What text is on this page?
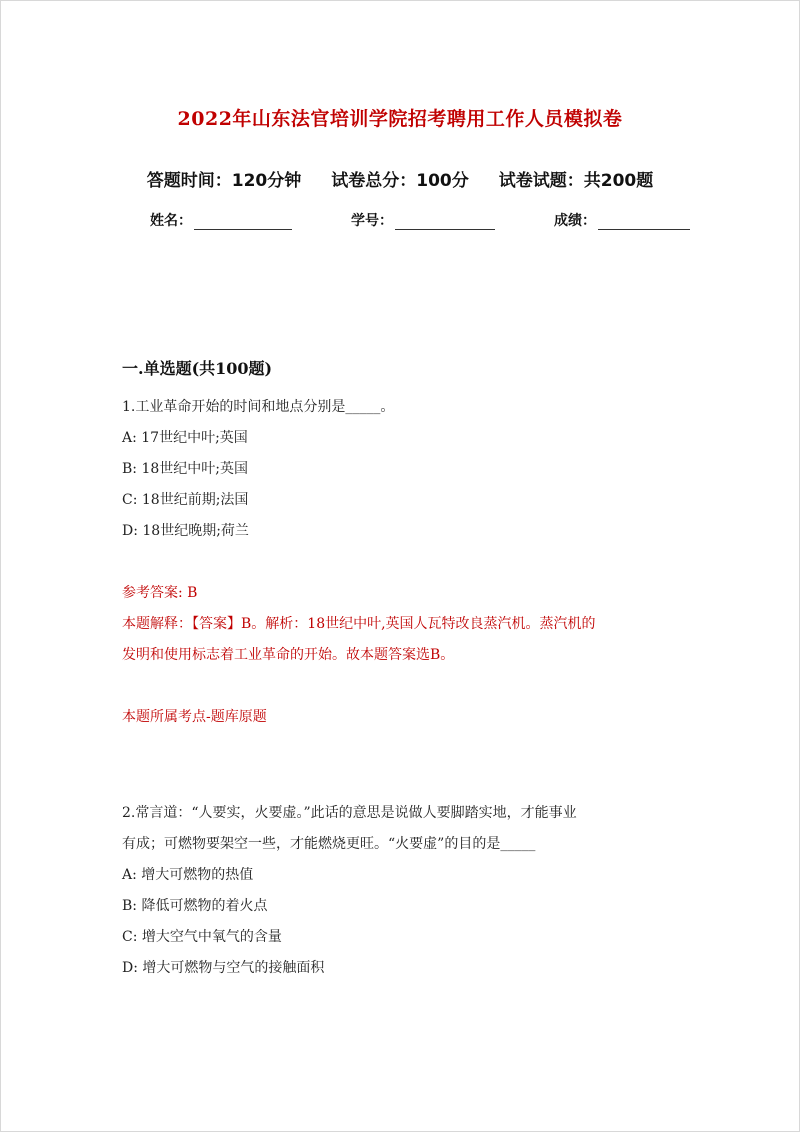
2022年山东法官培训学院招考聘用工作人员模拟卷
答题时间：120分钟 试卷总分：100分 试卷试题：共200题
姓名：	学号：	成绩：
一.单选题(共100题)

1.工业革命开始的时间和地点分别是_____。

A: 17世纪中叶;英国

B: 18世纪中叶;英国

C: 18世纪前期;法国

D: 18世纪晚期;荷兰

参考答案: B

本题解释：【答案】B。解析：18世纪中叶,英国人瓦特改良蒸汽机。蒸汽机的

发明和使用标志着工业革命的开始。故本题答案选B。

本题所属考点-题库原题

2.常言道：“人要实，火要虚。”此话的意思是说做人要脚踏实地，才能事业

有成；可燃物要架空一些，才能燃烧更旺。“火要虚”的目的是_____

A: 增大可燃物的热值

B: 降低可燃物的着火点

C: 增大空气中氧气的含量

D: 增大可燃物与空气的接触面积
